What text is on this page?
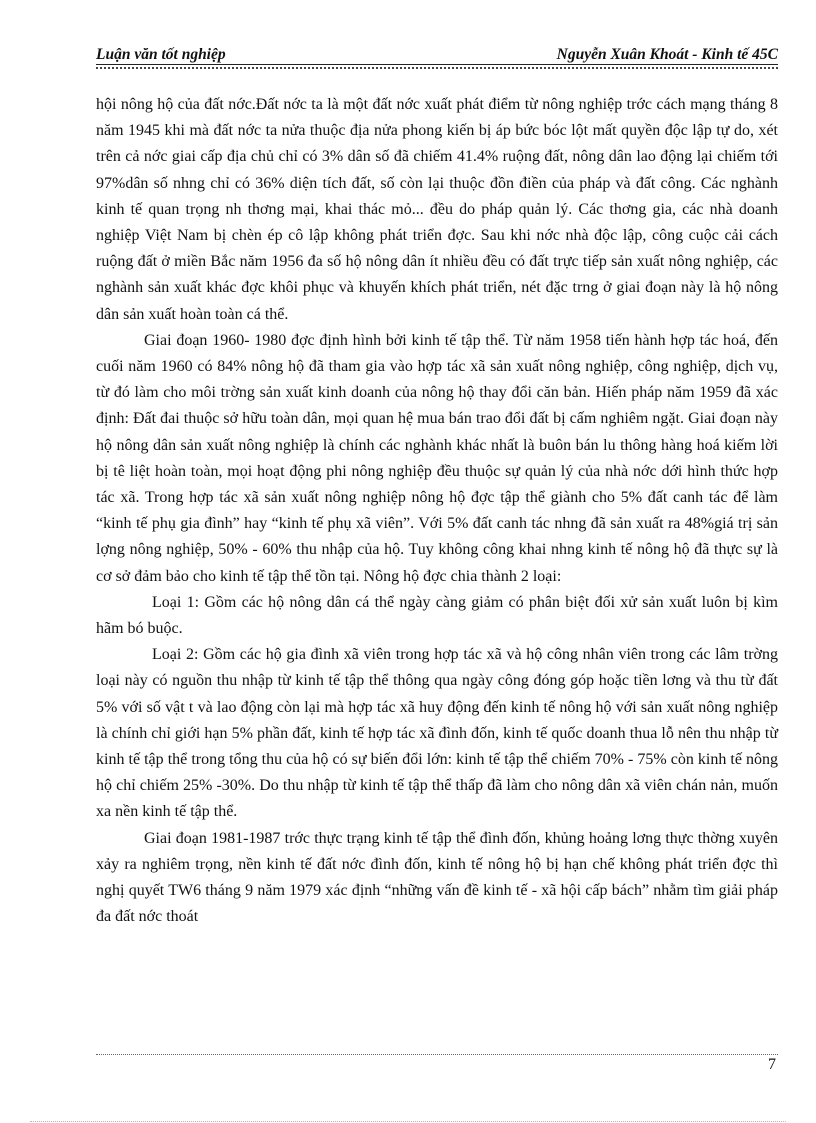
Luận văn tốt nghiệp	Nguyễn Xuân Khoát - Kinh tế 45C

hội nông hộ của đất nớc.Đất nớc ta là một đất nớc xuất phát điểm từ nông nghiệp trớc cách mạng tháng 8 năm 1945 khi mà đất nớc ta nửa thuộc địa nửa phong kiến bị áp bức bóc lột mất quyền độc lập tự do, xét trên cả nớc giai cấp địa chủ chỉ có 3% dân số đã chiếm 41.4% ruộng đất, nông dân lao động lại chiếm tới 97%dân số nhng chỉ có 36% diện tích đất, số còn lại thuộc đồn điền của pháp và đất công. Các nghành kinh tế quan trọng nh thơng mại, khai thác mỏ... đều do pháp quản lý. Các thơng gia, các nhà doanh nghiệp Việt Nam bị chèn ép cô lập không phát triển đợc. Sau khi nớc nhà độc lập, công cuộc cải cách ruộng đất ở miền Bắc năm 1956 đa số hộ nông dân ít nhiều đều có đất trực tiếp sản xuất nông nghiệp, các nghành sản xuất khác đợc khôi phục và khuyến khích phát triển, nét đặc trng ở giai đoạn này là hộ nông dân sản xuất hoàn toàn cá thể.

Giai đoạn 1960- 1980 đợc định hình bởi kinh tế tập thể. Từ năm 1958 tiến hành hợp tác hoá, đến cuối năm 1960 có 84% nông hộ đã tham gia vào hợp tác xã sản xuất nông nghiệp, công nghiệp, dịch vụ, từ đó làm cho môi trờng sản xuất kinh doanh của nông hộ thay đổi căn bản. Hiến pháp năm 1959 đã xác định: Đất đai thuộc sở hữu toàn dân, mọi quan hệ mua bán trao đổi đất bị cấm nghiêm ngặt. Giai đoạn này hộ nông dân sản xuất nông nghiệp là chính các nghành khác nhất là buôn bán lu thông hàng hoá kiếm lời bị tê liệt hoàn toàn, mọi hoạt động phi nông nghiệp đều thuộc sự quản lý của nhà nớc dới hình thức hợp tác xã. Trong hợp tác xã sản xuất nông nghiệp nông hộ đợc tập thể giành cho 5% đất canh tác để làm “kinh tế phụ gia đình” hay “kinh tế phụ xã viên”. Với 5% đất canh tác nhng đã sản xuất ra 48%giá trị sản lợng nông nghiệp, 50% - 60% thu nhập của hộ. Tuy không công khai nhng kinh tế nông hộ đã thực sự là cơ sở đảm bảo cho kinh tế tập thể tồn tại. Nông hộ đợc chia thành 2 loại:

Loại 1: Gồm các hộ nông dân cá thể ngày càng giảm có phân biệt đối xử sản xuất luôn bị kìm hãm bó buộc.

Loại 2: Gồm các hộ gia đình xã viên trong hợp tác xã và hộ công nhân viên trong các lâm trờng loại này có nguồn thu nhập từ kinh tế tập thể thông qua ngày công đóng góp hoặc tiền lơng và thu từ đất 5% với số vật t và lao động còn lại mà hợp tác xã huy động đến kinh tế nông hộ với sản xuất nông nghiệp là chính chỉ giới hạn 5% phần đất, kinh tế hợp tác xã đình đốn, kinh tế quốc doanh thua lỗ nên thu nhập từ kinh tế tập thể trong tổng thu của hộ có sự biến đổi lớn: kinh tế tập thể chiếm 70% - 75% còn kinh tế nông hộ chỉ chiếm 25% -30%. Do thu nhập từ kinh tế tập thể thấp đã làm cho nông dân xã viên chán nản, muốn xa nền kinh tế tập thể.

Giai đoạn 1981-1987 trớc thực trạng kinh tế tập thể đình đốn, khủng hoảng lơng thực thờng xuyên xảy ra nghiêm trọng, nền kinh tế đất nớc đình đốn, kinh tế nông hộ bị hạn chế không phát triển đợc thì nghị quyết TW6 tháng 9 năm 1979 xác định “những vấn đề kinh tế - xã hội cấp bách” nhằm tìm giải pháp đa đất nớc thoát

7
